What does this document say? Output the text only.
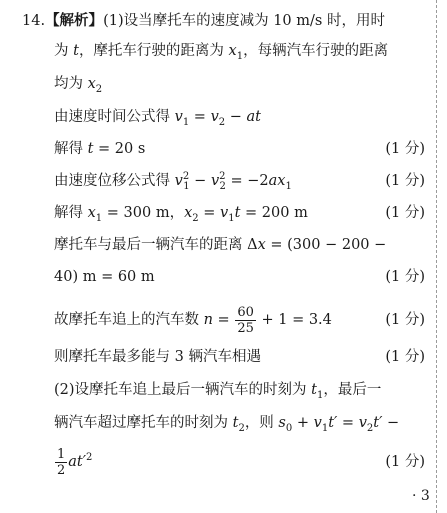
14.【解析】(1)设当摩托车的速度减为 10 m/s 时，用时
为 t，摩托车行驶的距离为 $x_1$，每辆汽车行驶的距离
均为 $x_2$
由速度时间公式得 $v_1 = v_2$ − at
解得 t = 20 s	(1 分)
由速度位移公式得 $v^2_1 - v^2_2 = -2ax_1$	(1 分)
解得 $x_1 = 300$ m，$x_2 = v_1t = 200$ m	(1 分)
摩托车与最后一辆汽车的距离 Δx = (300 − 200 −
40) m = 60 m	(1 分)
故摩托车追上的汽车数 $n = \frac{60}{25} + 1 = 3.4$	(1 分)
则摩托车最多能与 3 辆汽车相遇	(1 分)
(2)设摩托车追上最后一辆汽车的时刻为 $t_1$，最后一
辆汽车超过摩托车的时刻为 $t_2$，则 $s_0 + v_1t' = v_2t'$ −
$\frac{1}{2} at'^2$	(1 分)
· 3
